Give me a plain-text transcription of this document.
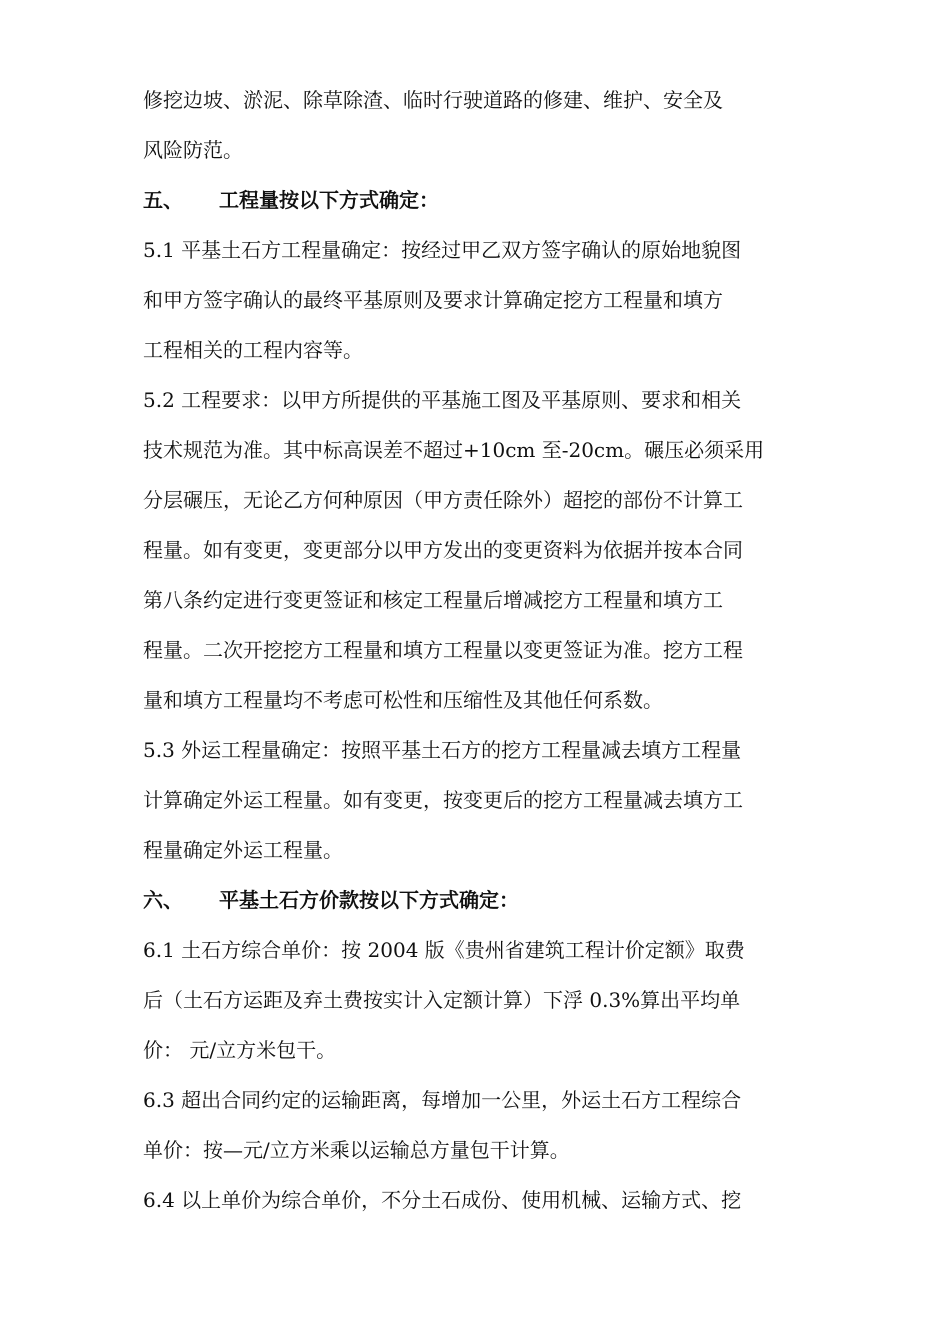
修挖边坡、淤泥、除草除渣、临时行驶道路的修建、维护、安全及
风险防范。
五、 工程量按以下方式确定：
5.1 平基土石方工程量确定：按经过甲乙双方签字确认的原始地貌图
和甲方签字确认的最终平基原则及要求计算确定挖方工程量和填方
工程相关的工程内容等。
5.2 工程要求：以甲方所提供的平基施工图及平基原则、要求和相关
技术规范为准。其中标高误差不超过+10cm 至-20cm。碾压必须采用
分层碾压，无论乙方何种原因（甲方责任除外）超挖的部份不计算工
程量。如有变更，变更部分以甲方发出的变更资料为依据并按本合同
第八条约定进行变更签证和核定工程量后增减挖方工程量和填方工
程量。二次开挖挖方工程量和填方工程量以变更签证为准。挖方工程
量和填方工程量均不考虑可松性和压缩性及其他任何系数。
5.3 外运工程量确定：按照平基土石方的挖方工程量减去填方工程量
计算确定外运工程量。如有变更，按变更后的挖方工程量减去填方工
程量确定外运工程量。
六、 平基土石方价款按以下方式确定：
6.1 土石方综合单价：按 2004 版《贵州省建筑工程计价定额》取费
后（土石方运距及弃土费按实计入定额计算）下浮 0.3%算出平均单
价： 元/立方米包干。
6.3 超出合同约定的运输距离，每增加一公里，外运土石方工程综合
单价：按—元/立方米乘以运输总方量包干计算。
6.4 以上单价为综合单价，不分土石成份、使用机械、运输方式、挖
